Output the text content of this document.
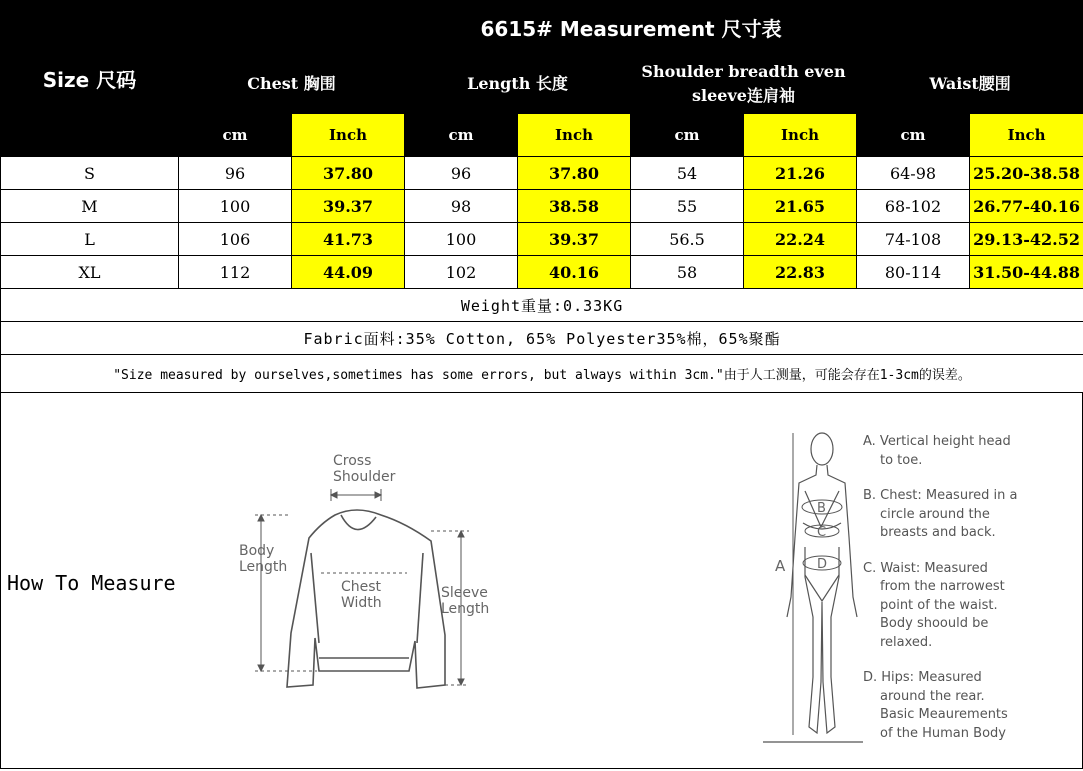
Size 尺码	6615# Measurement 尺寸表							
	Chest 胸围		Length 长度		Shoulder breadth even sleeve连肩袖		Waist腰围	
	cm	Inch	cm	Inch	cm	Inch	cm	Inch
S	96	37.80	96	37.80	54	21.26	64-98	25.20-38.58
M	100	39.37	98	38.58	55	21.65	68-102	26.77-40.16
L	106	41.73	100	39.37	56.5	22.24	74-108	29.13-42.52
XL	112	44.09	102	40.16	58	22.83	80-114	31.50-44.88
Weight重量:0.33KG								
Fabric面料:35% Cotton, 65% Polyester35%棉，65%聚酯								
"Size measured by ourselves,sometimes has some errors, but always within 3cm."由于人工测量，可能会存在1-3cm的误差。								
How To Measure
Cross
Shoulder
Body
Length
Chest
Width
Sleeve
Length
A
B
C
D
A. Vertical height head
to toe.
B. Chest: Measured in a
circle around the
breasts and back.
C. Waist: Measured
from the narrowest
point of the waist.
Body shoould be
relaxed.
D. Hips: Measured
around the rear.
Basic Meaurements
of the Human Body
